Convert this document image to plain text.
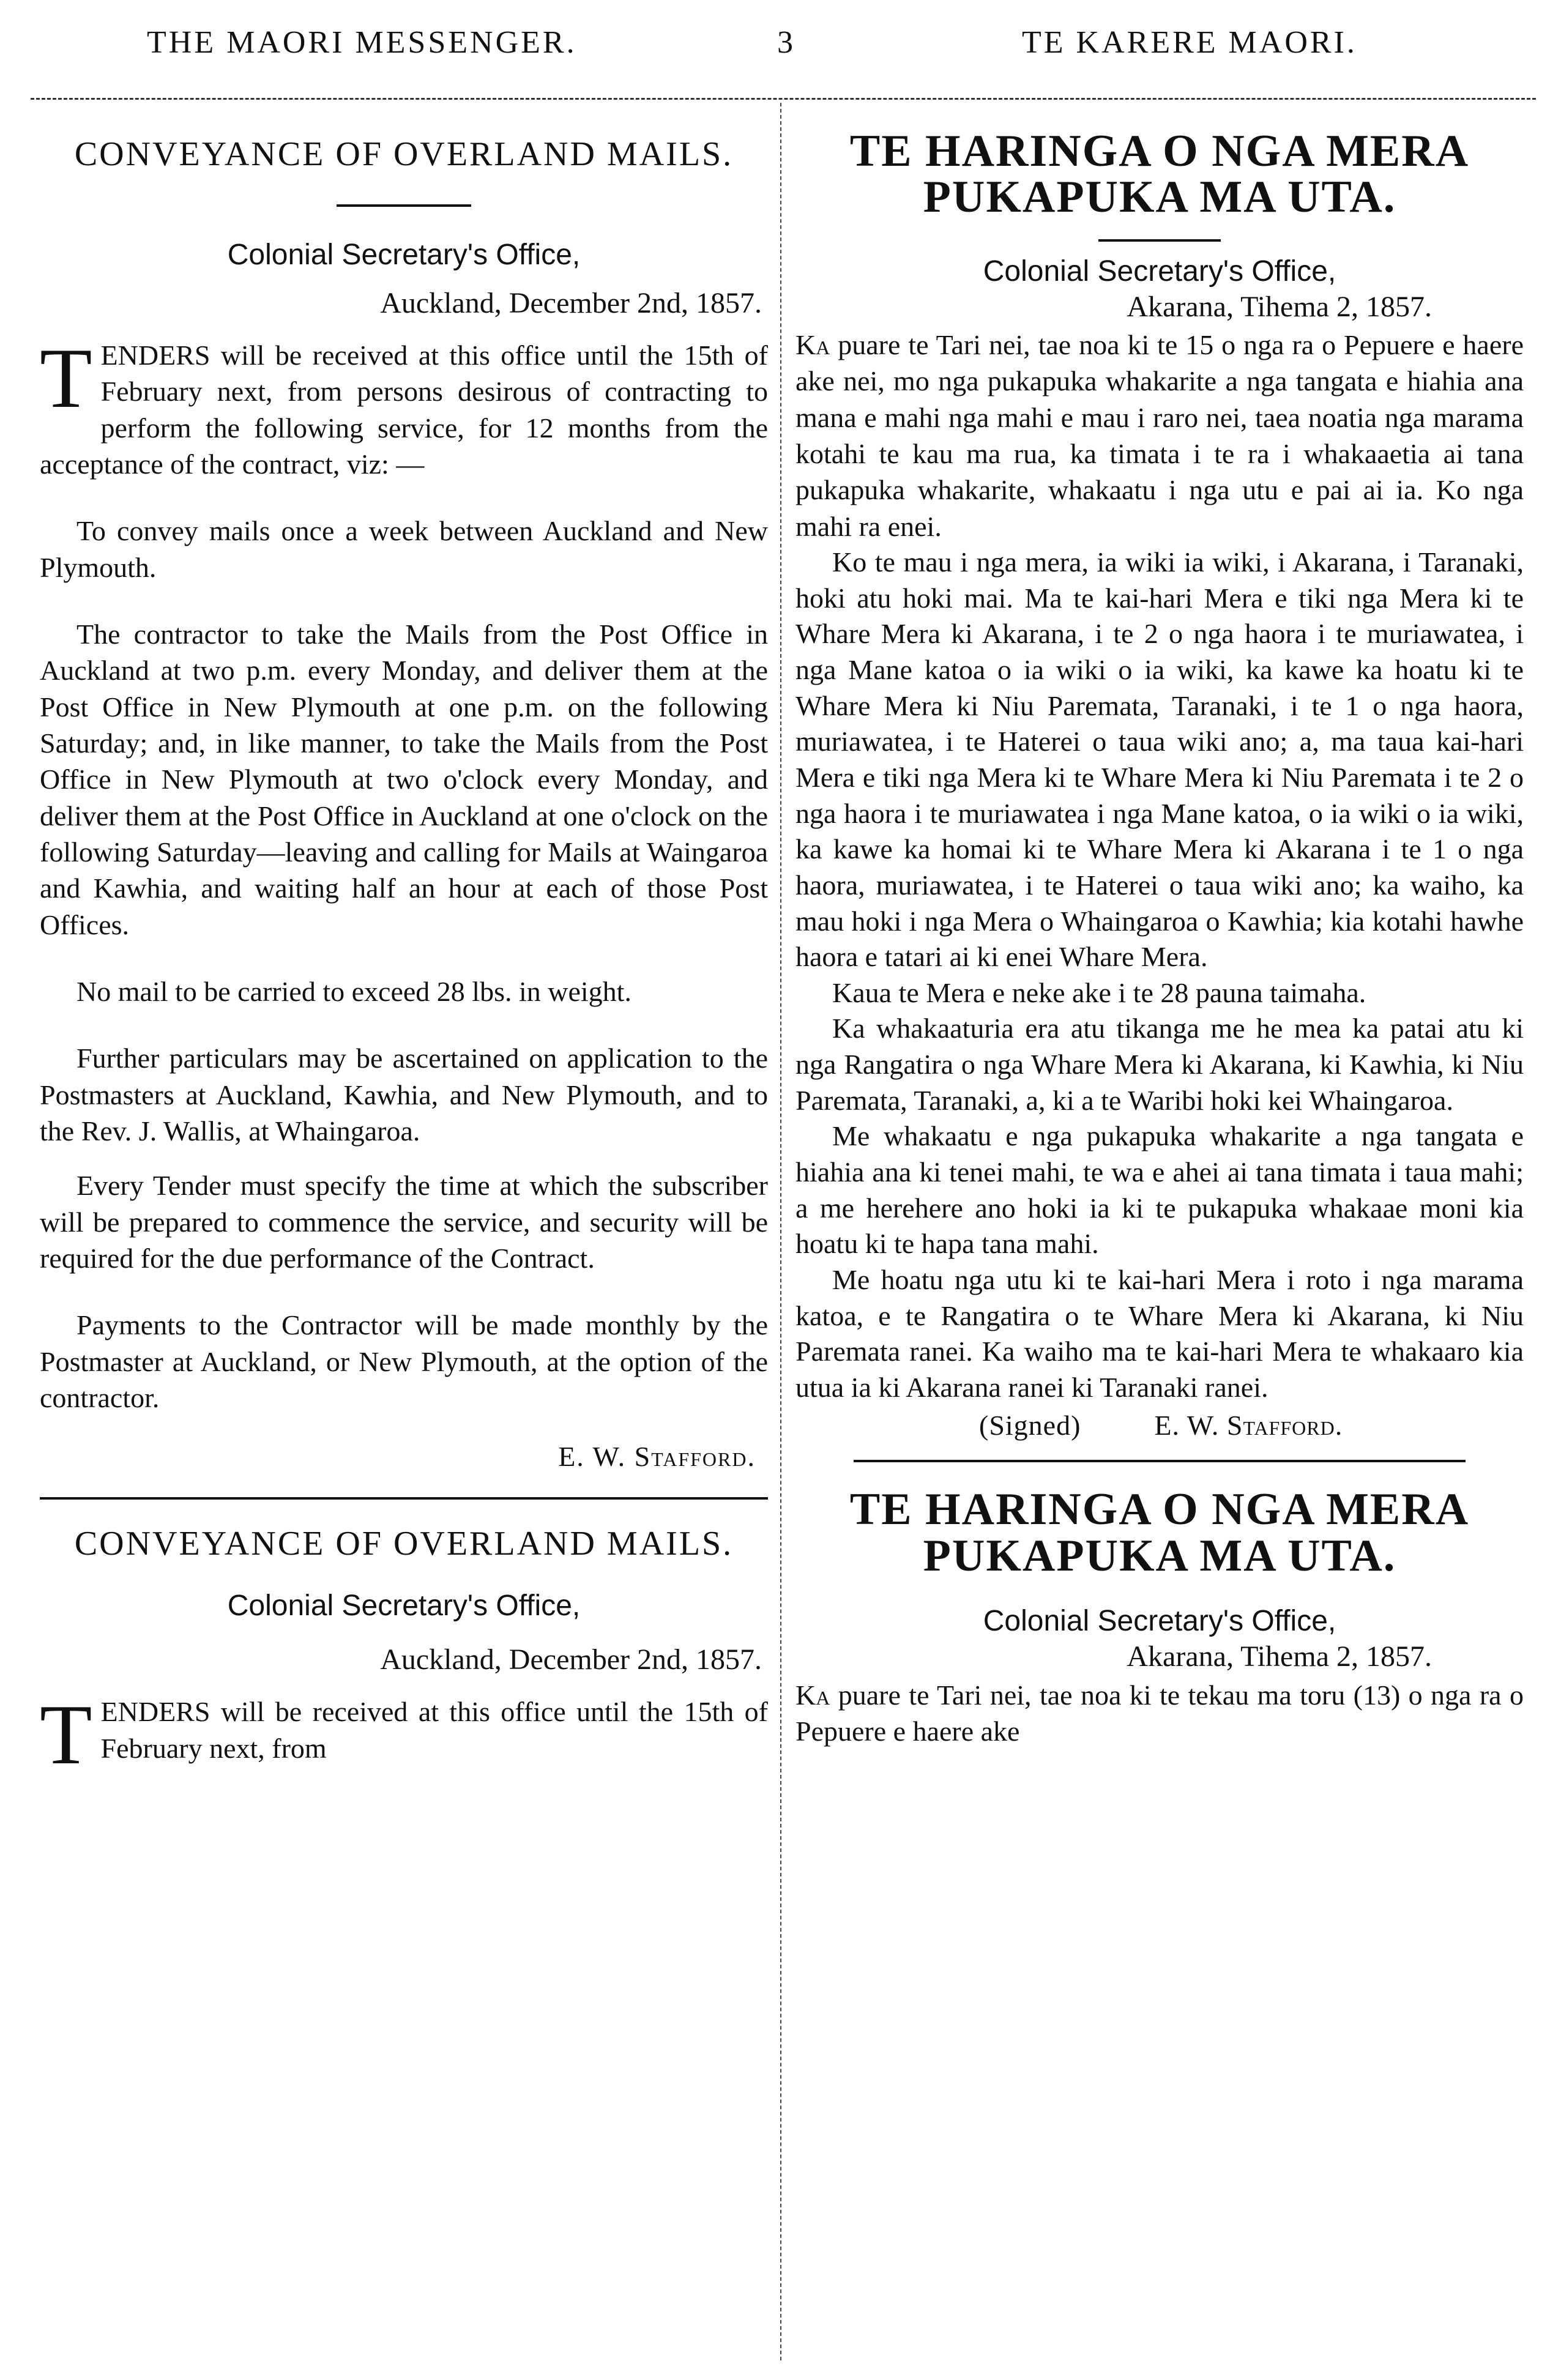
THE MAORI MESSENGER.	3	TE KARERE MAORI.
CONVEYANCE OF OVERLAND MAILS.
Colonial Secretary's Office,
Auckland, December 2nd, 1857.

TENDERS will be received at this office until the 15th of February next, from persons desirous of contracting to perform the following service, for 12 months from the acceptance of the contract, viz: —

To convey mails once a week between Auckland and New Plymouth.

The contractor to take the Mails from the Post Office in Auckland at two p.m. every Monday, and deliver them at the Post Office in New Plymouth at one p.m. on the following Saturday; and, in like manner, to take the Mails from the Post Office in New Plymouth at two o'clock every Monday, and deliver them at the Post Office in Auckland at one o'clock on the following Saturday—leaving and calling for Mails at Waingaroa and Kawhia, and waiting half an hour at each of those Post Offices.

No mail to be carried to exceed 28 lbs. in weight.

Further particulars may be ascertained on application to the Postmasters at Auckland, Kawhia, and New Plymouth, and to the Rev. J. Wallis, at Whaingaroa.

Every Tender must specify the time at which the subscriber will be prepared to commence the service, and security will be required for the due performance of the Contract.

Payments to the Contractor will be made monthly by the Postmaster at Auckland, or New Plymouth, at the option of the contractor.

E. W. Stafford.
CONVEYANCE OF OVERLAND MAILS.
Colonial Secretary's Office,
Auckland, December 2nd, 1857.

TENDERS will be received at this office until the 15th of February next, from

TE HARINGA O NGA MERA PUKAPUKA MA UTA.
Colonial Secretary's Office,
Akarana, Tihema 2, 1857.

Ka puare te Tari nei, tae noa ki te 15 o nga ra o Pepuere e haere ake nei, mo nga pukapuka whakarite a nga tangata e hiahia ana mana e mahi nga mahi e mau i raro nei, taea noatia nga marama kotahi te kau ma rua, ka timata i te ra i whakaaetia ai tana pukapuka whakarite, whakaatu i nga utu e pai ai ia. Ko nga mahi ra enei.

Ko te mau i nga mera, ia wiki ia wiki, i Akarana, i Taranaki, hoki atu hoki mai. Ma te kai-hari Mera e tiki nga Mera ki te Whare Mera ki Akarana, i te 2 o nga haora i te muriawatea, i nga Mane katoa o ia wiki o ia wiki, ka kawe ka hoatu ki te Whare Mera ki Niu Paremata, Taranaki, i te 1 o nga haora, muriawatea, i te Haterei o taua wiki ano; a, ma taua kai-hari Mera e tiki nga Mera ki te Whare Mera ki Niu Paremata i te 2 o nga haora i te muriawatea i nga Mane katoa, o ia wiki o ia wiki, ka kawe ka homai ki te Whare Mera ki Akarana i te 1 o nga haora, muriawatea, i te Haterei o taua wiki ano; ka waiho, ka mau hoki i nga Mera o Whaingaroa o Kawhia; kia kotahi hawhe haora e tatari ai ki enei Whare Mera.

Kaua te Mera e neke ake i te 28 pauna taimaha.

Ka whakaaturia era atu tikanga me he mea ka patai atu ki nga Rangatira o nga Whare Mera ki Akarana, ki Kawhia, ki Niu Paremata, Taranaki, a, ki a te Waribi hoki kei Whaingaroa.

Me whakaatu e nga pukapuka whakarite a nga tangata e hiahia ana ki tenei mahi, te wa e ahei ai tana timata i taua mahi; a me herehere ano hoki ia ki te pukapuka whakaae moni kia hoatu ki te hapa tana mahi.

Me hoatu nga utu ki te kai-hari Mera i roto i nga marama katoa, e te Rangatira o te Whare Mera ki Akarana, ki Niu Paremata ranei. Ka waiho ma te kai-hari Mera te whakaaro kia utua ia ki Akarana ranei ki Taranaki ranei.

(Signed)	E. W. Stafford.
TE HARINGA O NGA MERA PUKAPUKA MA UTA.
Colonial Secretary's Office,
Akarana, Tihema 2, 1857.

Ka puare te Tari nei, tae noa ki te tekau ma toru (13) o nga ra o Pepuere e haere ake
